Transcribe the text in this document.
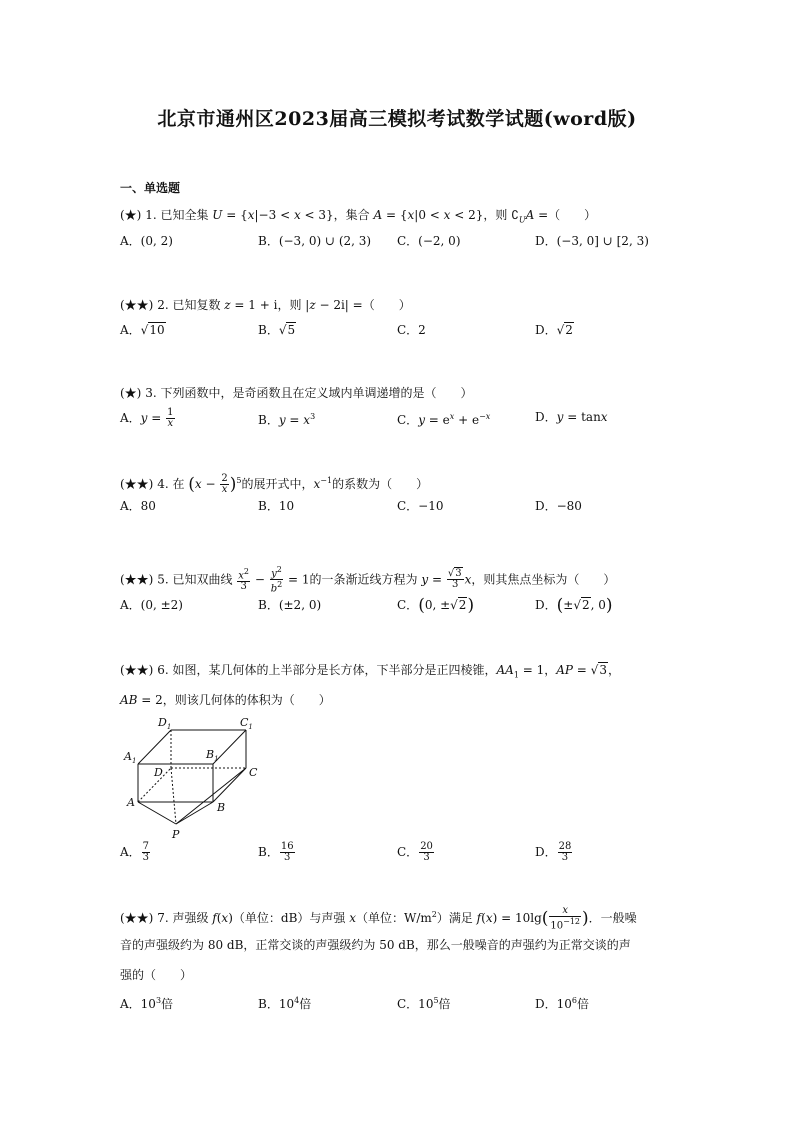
北京市通州区2023届高三模拟考试数学试题(word版)
一、单选题
(★) 1. 已知全集 U = {x|−3 < x < 3}，集合 A = {x|0 < x < 2}，则 $∁_UA$ =（　　）
A．(0, 2)	B．(−3, 0) ∪ (2, 3) C．(−2, 0)	D．(−3, 0] ∪ [2, 3)
(★★) 2. 已知复数 z = 1 + i，则 |z − 2i| =（　　）
A．√10	B．√5	C．2	D．√2
(★) 3. 下列函数中，是奇函数且在定义域内单调递增的是（　　）
A．$y = \frac{1}{x}$	B．$y = x^3$	C．$y = e^x + e^{-x}$	D．y = tanx
(★★) 4. 在 $(x - \frac{2}{x} )^5$的展开式中，$x^{-1}$的系数为（　　）
A．80	B．10	C．−10	D．−80
(★★) 5. 已知双曲线 $\frac{x^2}{3} - \frac{y^2}{b^2} = 1$的一条渐近线方程为 $y = \frac{√3}{3}$ x，则其焦点坐标为（　　）
A．(0, ±2)	B．(±2, 0)	C．(0, ±√2)	D．(±√2, 0)
(★★) 6. 如图，某几何体的上半部分是长方体，下半部分是正四棱锥，$AA_1 = 1$，AP = √3，
AB = 2，则该几何体的体积为（　　）
$D_1$	$C_1$
$A_1$	$B_1$
D	C
A	B
P
A． $\frac{7}{3}$	B． $\frac{16}{3}$	C． $\frac{20}{3}$	D． $\frac{28}{3}$
(★★) 7. 声强级 f(x)（单位：dB）与声强 x（单位：$W/m^2$）满足 $f(x) = 10\lg( \frac{x}{10^{-12}}$ )．一般噪
音的声强级约为 80 dB，正常交谈的声强级约为 50 dB，那么一般噪音的声强约为正常交谈的声
强的（　　）
A．$10^3$倍	B．$10^4$倍	C．$10^5$倍	D．$10^6$倍
